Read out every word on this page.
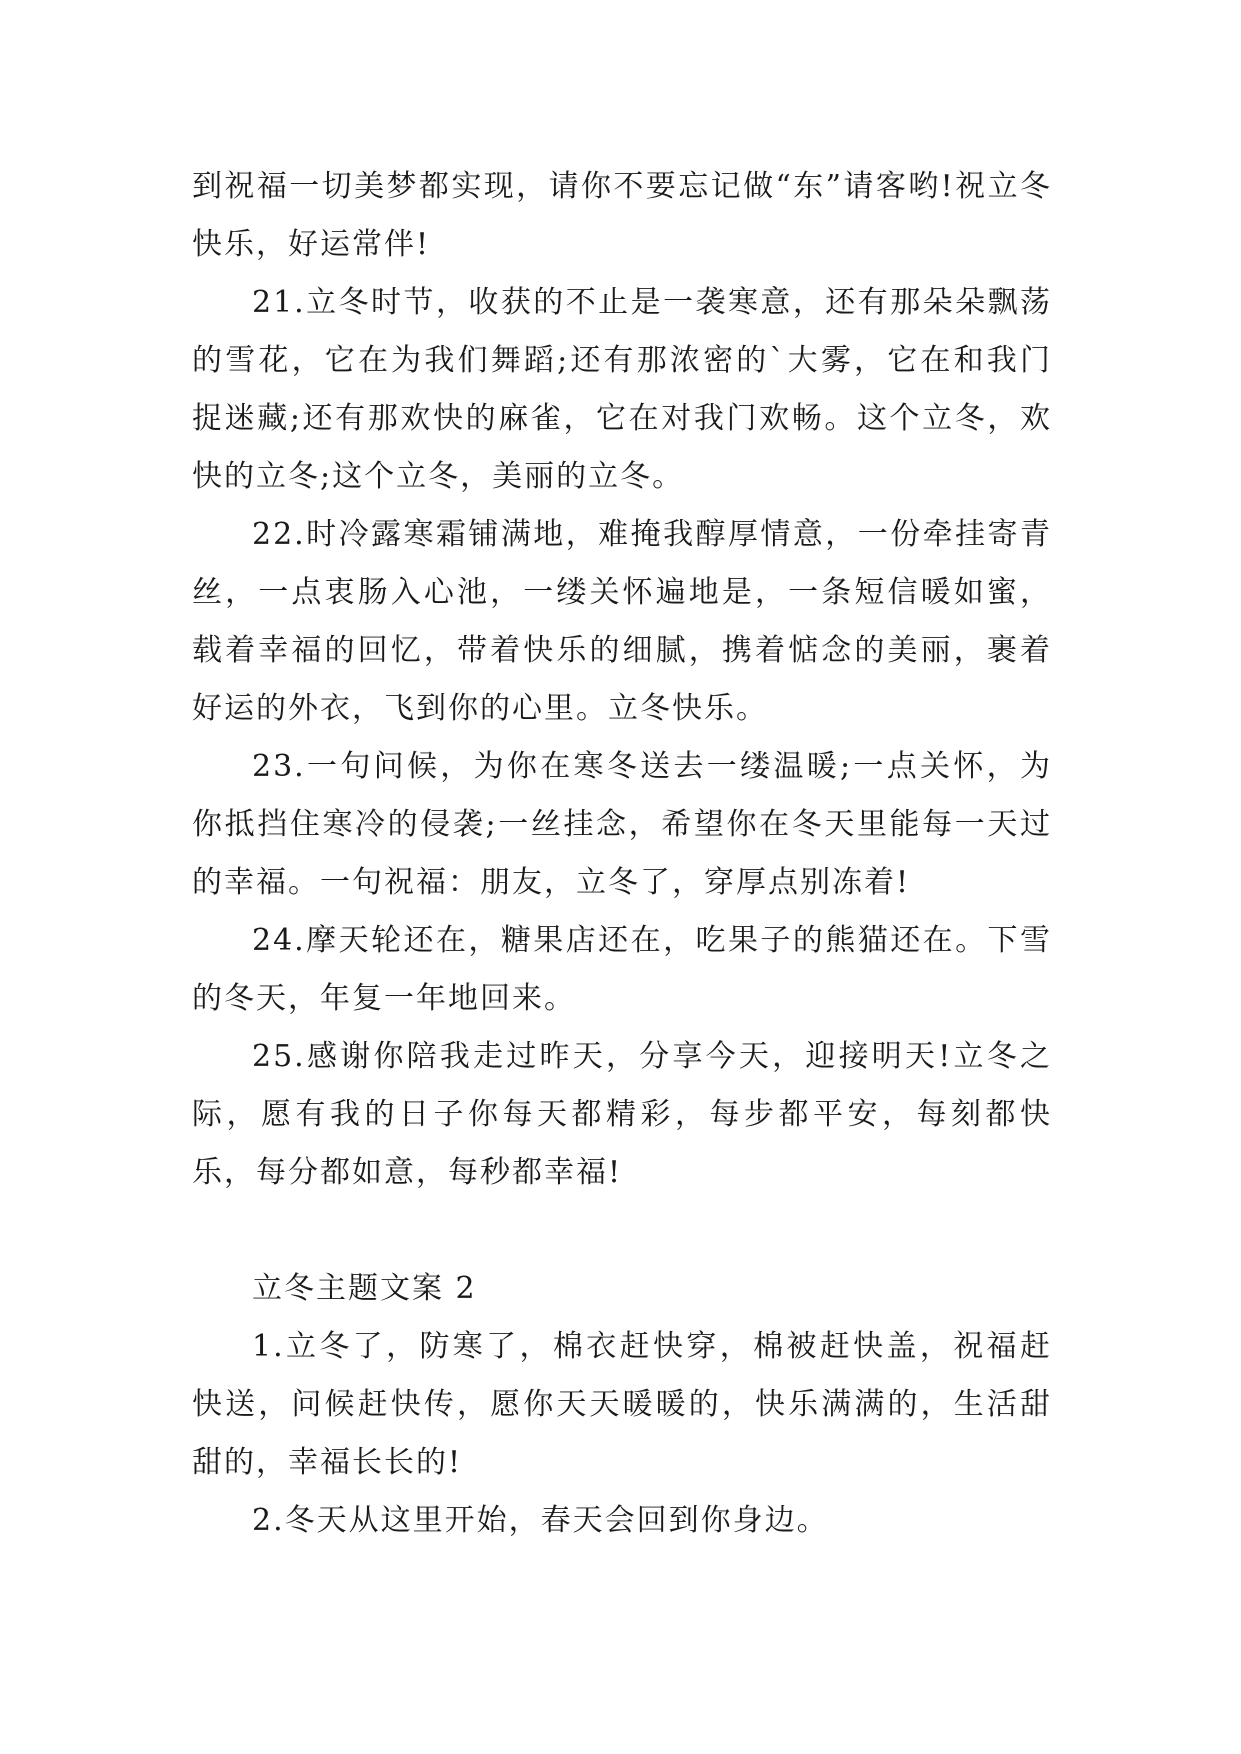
到祝福一切美梦都实现，请你不要忘记做“东”请客哟!祝立冬快乐，好运常伴!

21.立冬时节，收获的不止是一袭寒意，还有那朵朵飘荡的雪花，它在为我们舞蹈;还有那浓密的`大雾，它在和我门捉迷藏;还有那欢快的麻雀，它在对我门欢畅。这个立冬，欢快的立冬;这个立冬，美丽的立冬。

22.时冷露寒霜铺满地，难掩我醇厚情意，一份牵挂寄青丝，一点衷肠入心池，一缕关怀遍地是，一条短信暖如蜜，载着幸福的回忆，带着快乐的细腻，携着惦念的美丽，裹着好运的外衣，飞到你的心里。立冬快乐。

23.一句问候，为你在寒冬送去一缕温暖;一点关怀，为你抵挡住寒冷的侵袭;一丝挂念，希望你在冬天里能每一天过的幸福。一句祝福：朋友，立冬了，穿厚点别冻着!

24.摩天轮还在，糖果店还在，吃果子的熊猫还在。下雪的冬天，年复一年地回来。

25.感谢你陪我走过昨天，分享今天，迎接明天!立冬之际，愿有我的日子你每天都精彩，每步都平安，每刻都快乐，每分都如意，每秒都幸福!

立冬主题文案 2

1.立冬了，防寒了，棉衣赶快穿，棉被赶快盖，祝福赶快送，问候赶快传，愿你天天暖暖的，快乐满满的，生活甜甜的，幸福长长的!

2.冬天从这里开始，春天会回到你身边。
